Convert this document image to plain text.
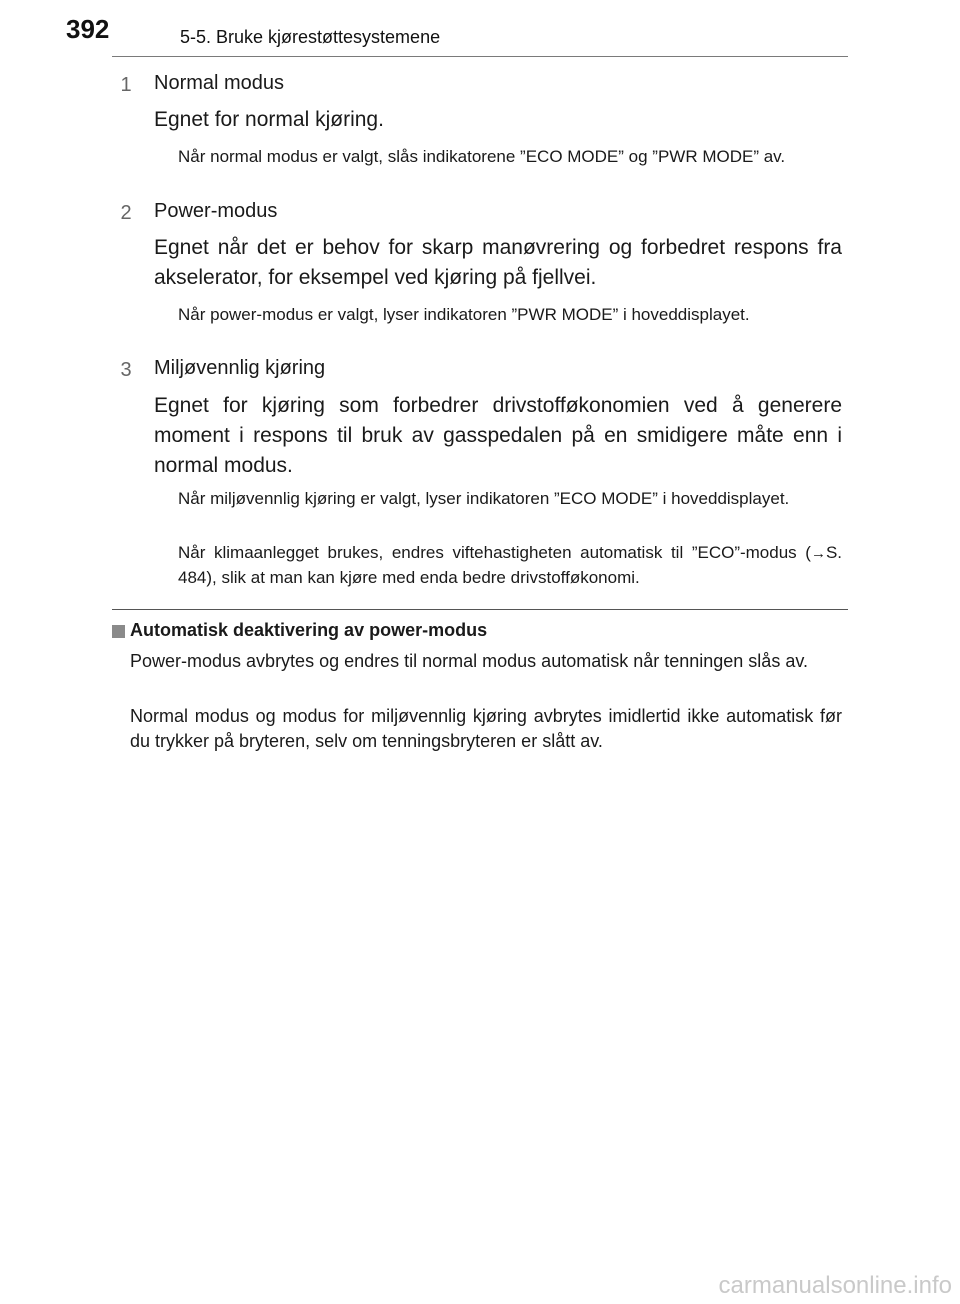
392	5-5. Bruke kjørestøttesystemene
1	Normal modus
Egnet for normal kjøring.
Når normal modus er valgt, slås indikatorene ”ECO MODE” og ”PWR MODE” av.
2	Power-modus
Egnet når det er behov for skarp manøvrering og forbedret respons fra akselerator, for eksempel ved kjøring på fjellvei.
Når power-modus er valgt, lyser indikatoren ”PWR MODE” i hoveddisplayet.
3	Miljøvennlig kjøring
Egnet for kjøring som forbedrer drivstofføkonomien ved å generere moment i respons til bruk av gasspedalen på en smidigere måte enn i normal modus.
Når miljøvennlig kjøring er valgt, lyser indikatoren ”ECO MODE” i hoveddisplayet.
Når klimaanlegget brukes, endres viftehastigheten automatisk til ”ECO”-modus (→S. 484), slik at man kan kjøre med enda bedre drivstofføkonomi.
Automatisk deaktivering av power-modus
Power-modus avbrytes og endres til normal modus automatisk når tenningen slås av.
Normal modus og modus for miljøvennlig kjøring avbrytes imidlertid ikke automatisk før du trykker på bryteren, selv om tenningsbryteren er slått av.
carmanualsonline.info
